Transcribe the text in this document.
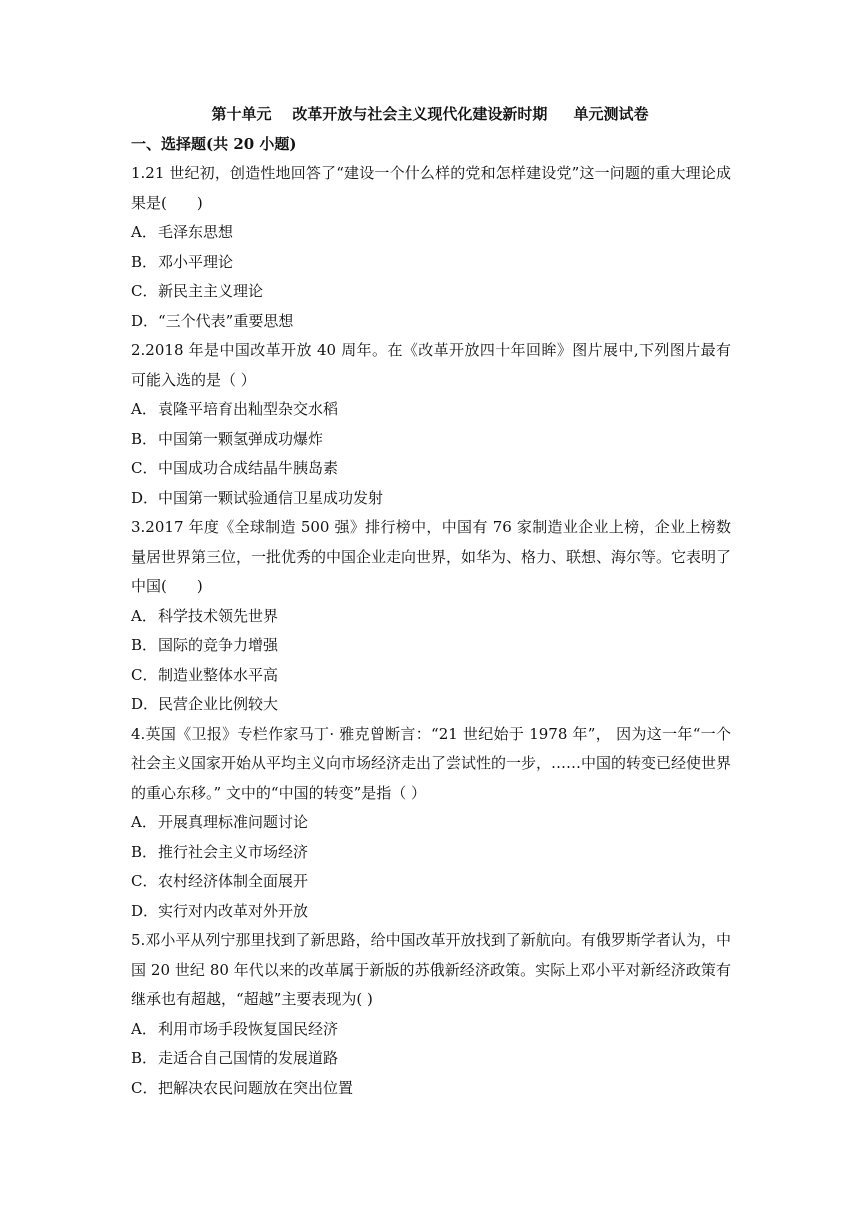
第十单元    改革开放与社会主义现代化建设新时期     单元测试卷
一、选择题(共 20 小题)

1.21 世纪初，创造性地回答了“建设一个什么样的党和怎样建设党”这一问题的重大理论成果是(　　)

A．毛泽东思想
B．邓小平理论
C．新民主主义理论
D．“三个代表”重要思想

2.2018 年是中国改革开放 40 周年。在《改革开放四十年回眸》图片展中,下列图片最有可能入选的是（ ）

A．袁隆平培育出籼型杂交水稻
B．中国第一颗氢弹成功爆炸
C．中国成功合成结晶牛胰岛素
D．中国第一颗试验通信卫星成功发射

3.2017 年度《全球制造 500 强》排行榜中，中国有 76 家制造业企业上榜，企业上榜数量居世界第三位，一批优秀的中国企业走向世界，如华为、格力、联想、海尔等。它表明了中国(　　)

A．科学技术领先世界
B．国际的竞争力增强
C．制造业整体水平高
D．民营企业比例较大

4.英国《卫报》专栏作家马丁· 雅克曾断言：“21 世纪始于 1978 年”， 因为这一年“一个社会主义国家开始从平均主义向市场经济走出了尝试性的一步，……中国的转变已经使世界的重心东移。” 文中的“中国的转变”是指（ ）

A．开展真理标准问题讨论
B．推行社会主义市场经济
C．农村经济体制全面展开
D．实行对内改革对外开放

5.邓小平从列宁那里找到了新思路，给中国改革开放找到了新航向。有俄罗斯学者认为，中国 20 世纪 80 年代以来的改革属于新版的苏俄新经济政策。实际上邓小平对新经济政策有继承也有超越，“超越”主要表现为( )

A．利用市场手段恢复国民经济
B．走适合自己国情的发展道路
C．把解决农民问题放在突出位置
